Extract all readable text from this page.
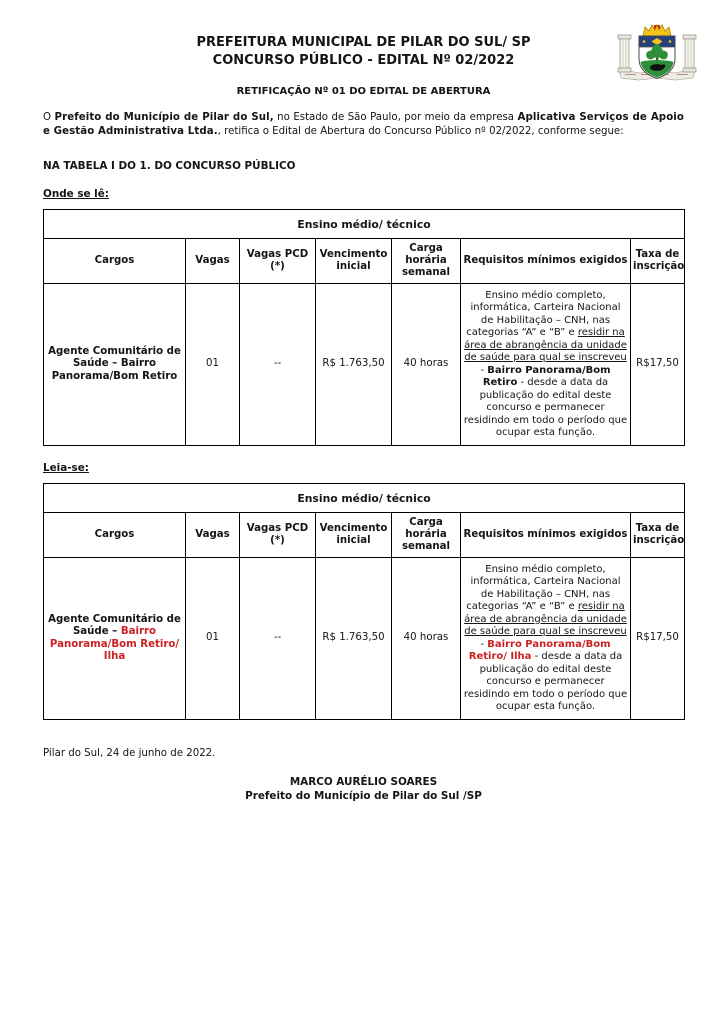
PREFEITURA MUNICIPAL DE PILAR DO SUL/ SP
CONCURSO PÚBLICO - EDITAL Nº 02/2022
RETIFICAÇÃO Nº 01 DO EDITAL DE ABERTURA

O Prefeito do Município de Pilar do Sul, no Estado de São Paulo, por meio da empresa Aplicativa Serviços de Apoio e Gestão Administrativa Ltda., retifica o Edital de Abertura do Concurso Público nº 02/2022, conforme segue:

NA TABELA I DO 1. DO CONCURSO PÚBLICO
Onde se lê:
Ensino médio/ técnico						
Cargos	Vagas	Vagas PCD (*)	Vencimento inicial	Carga horária semanal	Requisitos mínimos exigidos	Taxa de inscrição
Agente Comunitário de Saúde – Bairro Panorama/Bom Retiro	01	--	R$ 1.763,50	40 horas	Ensino médio completo, informática, Carteira Nacional de Habilitação – CNH, nas categorias “A” e “B” e residir na área de abrangência da unidade de saúde para qual se inscreveu - Bairro Panorama/Bom Retiro - desde a data da publicação do edital deste concurso e permanecer residindo em todo o período que ocupar esta função.	R$17,50
Leia-se:
Ensino médio/ técnico						
Cargos	Vagas	Vagas PCD (*)	Vencimento inicial	Carga horária semanal	Requisitos mínimos exigidos	Taxa de inscrição
Agente Comunitário de Saúde – Bairro Panorama/Bom Retiro/ Ilha	01	--	R$ 1.763,50	40 horas	Ensino médio completo, informática, Carteira Nacional de Habilitação – CNH, nas categorias “A” e “B” e residir na área de abrangência da unidade de saúde para qual se inscreveu - Bairro Panorama/Bom Retiro/ Ilha - desde a data da publicação do edital deste concurso e permanecer residindo em todo o período que ocupar esta função.	R$17,50
Pilar do Sul, 24 de junho de 2022.
MARCO AURÉLIO SOARES
Prefeito do Município de Pilar do Sul /SP
